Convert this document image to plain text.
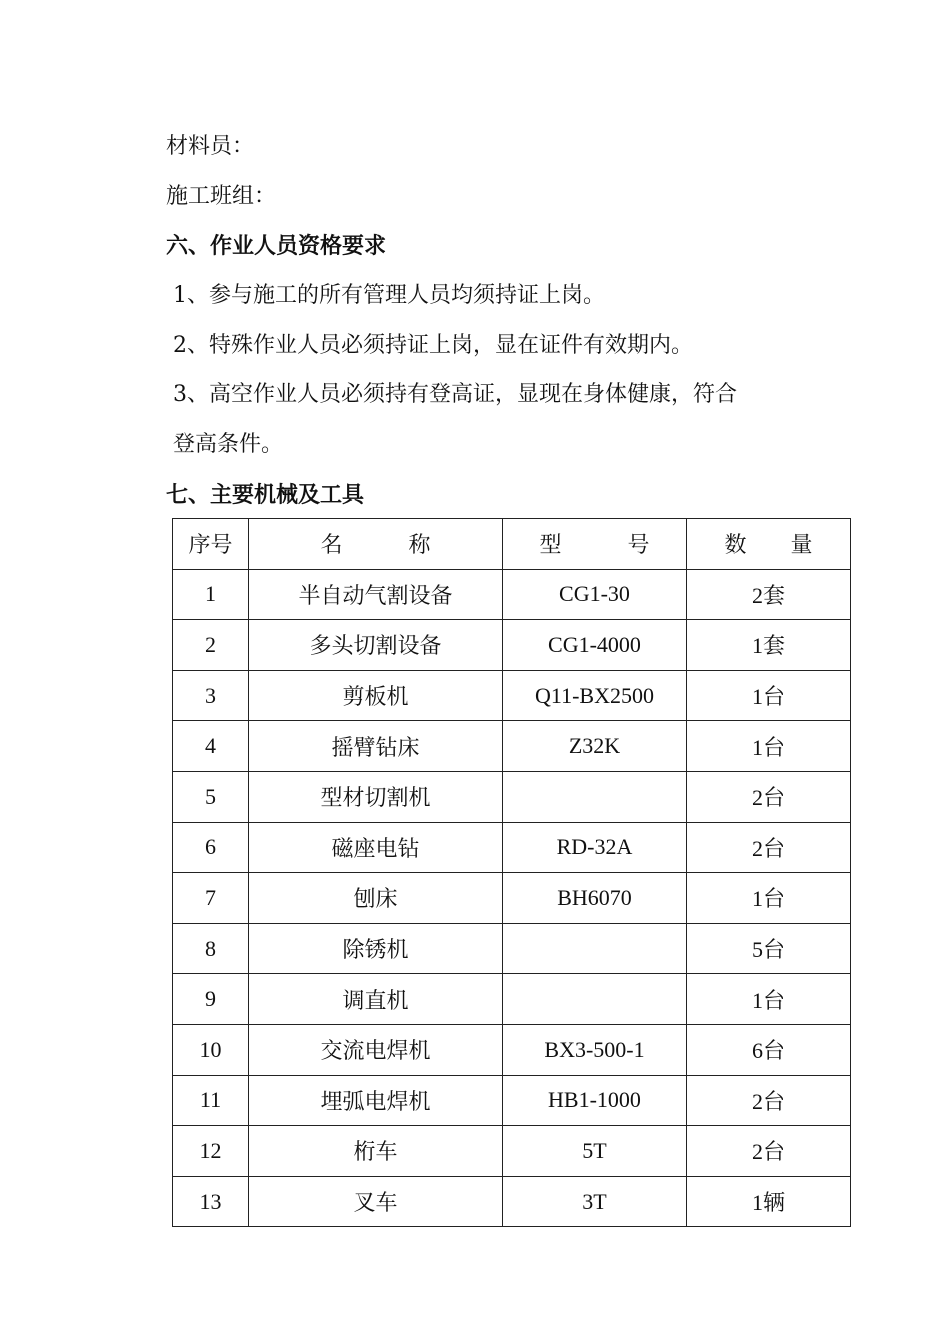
材料员：
施工班组：
六、作业人员资格要求
1、参与施工的所有管理人员均须持证上岗。
2、特殊作业人员必须持证上岗，显在证件有效期内。
3、高空作业人员必须持有登高证，显现在身体健康，符合
登高条件。
七、主要机械及工具
序号	名　　　称	型　　　号	数　　量
1	半自动气割设备	CG1-30	2套
2	多头切割设备	CG1-4000	1套
3	剪板机	Q11-BX2500	1台
4	摇臂钻床	Z32K	1台
5	型材切割机		2台
6	磁座电钻	RD-32A	2台
7	刨床	BH6070	1台
8	除锈机		5台
9	调直机		1台
10	交流电焊机	BX3-500-1	6台
11	埋弧电焊机	HB1-1000	2台
12	桁车	5T	2台
13	叉车	3T	1辆
